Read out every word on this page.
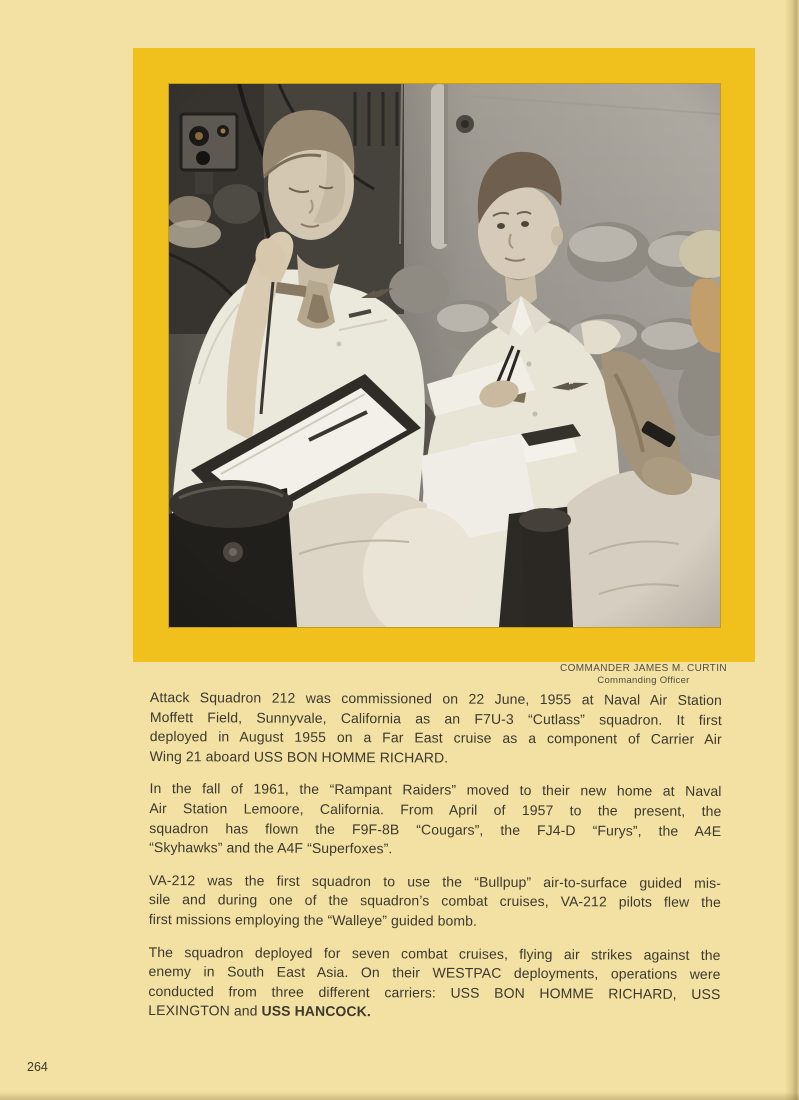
COMMANDER JAMES M. CURTIN
Commanding Officer

Attack Squadron 212 was commissioned on 22 June, 1955 at Naval Air Station
Moffett Field, Sunnyvale, California as an F7U-3 “Cutlass” squadron. It first
deployed in August 1955 on a Far East cruise as a component of Carrier Air
Wing 21 aboard USS BON HOMME RICHARD.

In the fall of 1961, the “Rampant Raiders” moved to their new home at Naval
Air Station Lemoore, California. From April of 1957 to the present, the
squadron has flown the F9F-8B “Cougars”, the FJ4-D “Furys”, the A4E
“Skyhawks” and the A4F “Superfoxes”.

VA-212 was the first squadron to use the “Bullpup” air-to-surface guided mis-
sile and during one of the squadron’s combat cruises, VA-212 pilots flew the
first missions employing the “Walleye” guided bomb.

The squadron deployed for seven combat cruises, flying air strikes against the
enemy in South East Asia. On their WESTPAC deployments, operations were
conducted from three different carriers: USS BON HOMME RICHARD, USS
LEXINGTON and USS HANCOCK.

264
